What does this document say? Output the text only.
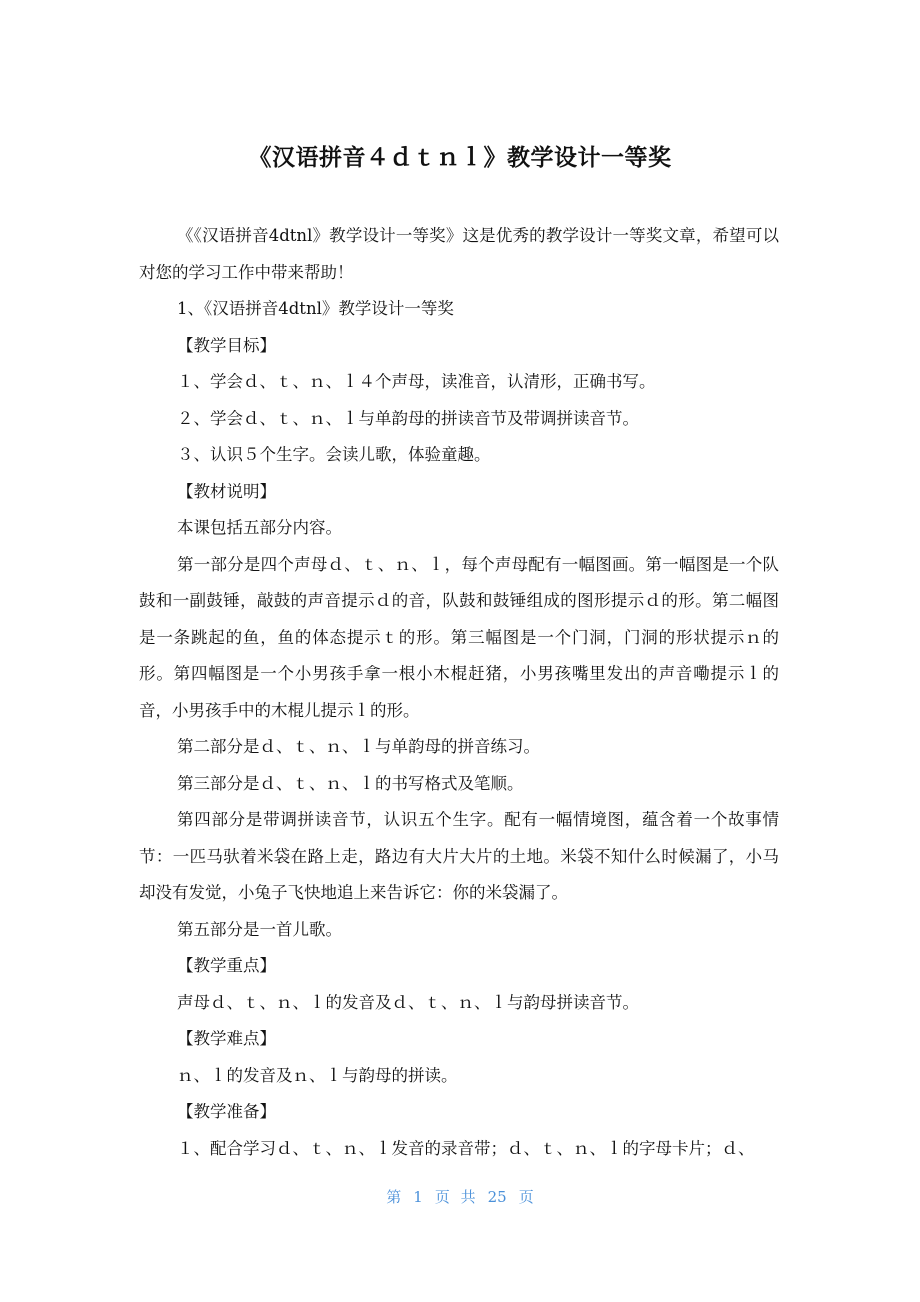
《汉语拼音４ｄｔｎｌ》教学设计一等奖

《《汉语拼音4dtnl》教学设计一等奖》这是优秀的教学设计一等奖文章，希望可以对您的学习工作中带来帮助！

1、《汉语拼音4dtnl》教学设计一等奖

【教学目标】

１、学会ｄ、ｔ、ｎ、ｌ４个声母，读准音，认清形，正确书写。

２、学会ｄ、ｔ、ｎ、ｌ与单韵母的拼读音节及带调拼读音节。

３、认识５个生字。会读儿歌，体验童趣。

【教材说明】

本课包括五部分内容。

第一部分是四个声母ｄ、ｔ、ｎ、ｌ，每个声母配有一幅图画。第一幅图是一个队鼓和一副鼓锤，敲鼓的声音提示ｄ的音，队鼓和鼓锤组成的图形提示ｄ的形。第二幅图是一条跳起的鱼，鱼的体态提示ｔ的形。第三幅图是一个门洞，门洞的形状提示ｎ的形。第四幅图是一个小男孩手拿一根小木棍赶猪，小男孩嘴里发出的声音嘞提示ｌ的音，小男孩手中的木棍儿提示ｌ的形。

第二部分是ｄ、ｔ、ｎ、ｌ与单韵母的拼音练习。

第三部分是ｄ、ｔ、ｎ、ｌ的书写格式及笔顺。

第四部分是带调拼读音节，认识五个生字。配有一幅情境图，蕴含着一个故事情节：一匹马驮着米袋在路上走，路边有大片大片的土地。米袋不知什么时候漏了，小马却没有发觉，小兔子飞快地追上来告诉它：你的米袋漏了。

第五部分是一首儿歌。

【教学重点】

声母ｄ、ｔ、ｎ、ｌ的发音及ｄ、ｔ、ｎ、ｌ与韵母拼读音节。

【教学难点】

ｎ、ｌ的发音及ｎ、ｌ与韵母的拼读。

【教学准备】

１、配合学习ｄ、ｔ、ｎ、ｌ发音的录音带；ｄ、ｔ、ｎ、ｌ的字母卡片；ｄ、

第 1 页 共 25 页
